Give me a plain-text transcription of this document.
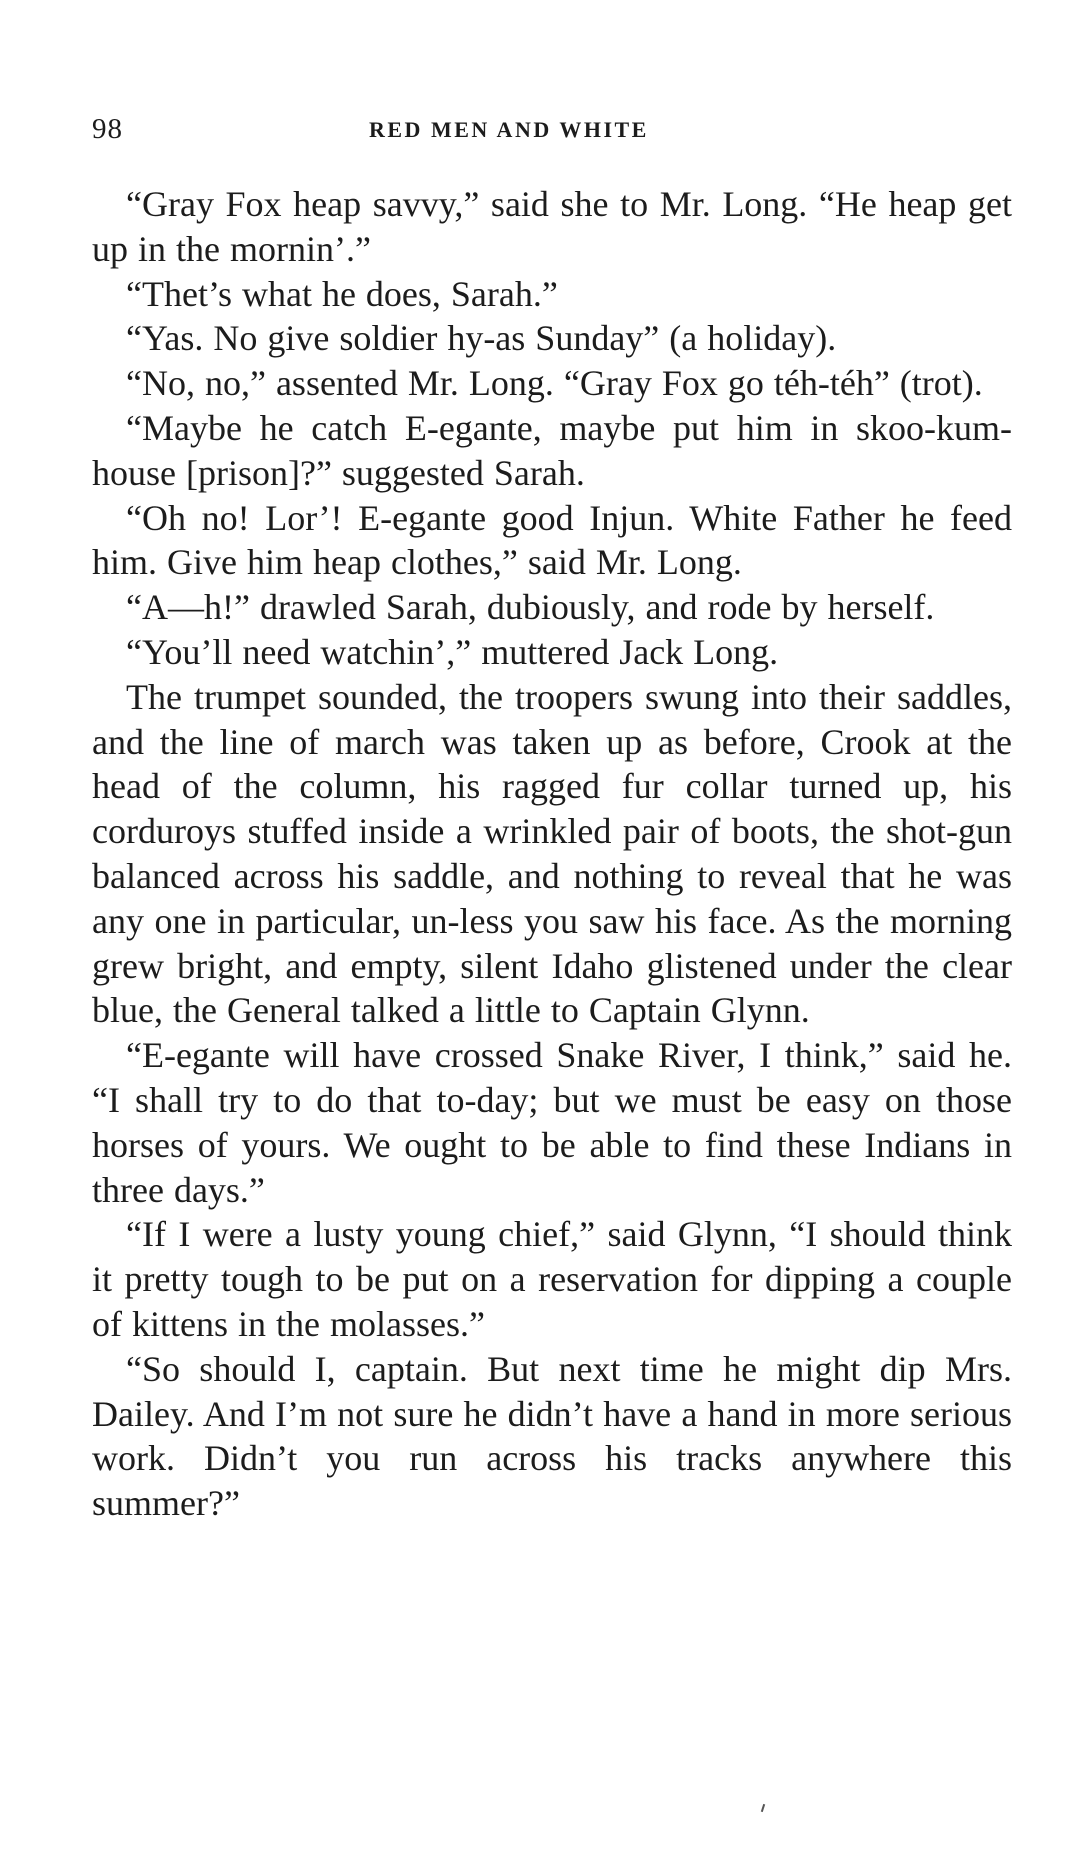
98	RED MEN AND WHITE

“Gray Fox heap savvy,” said she to Mr. Long. “He heap get up in the mornin’.”

“Thet’s what he does, Sarah.”

“Yas. No give soldier hy-as Sunday” (a holiday).

“No, no,” assented Mr. Long. “Gray Fox go téh-téh” (trot).

“Maybe he catch E-egante, maybe put him in skoo-kum-house [prison]?” suggested Sarah.

“Oh no! Lor’! E-egante good Injun. White Father he feed him. Give him heap clothes,” said Mr. Long.

“A—h!” drawled Sarah, dubiously, and rode by herself.

“You’ll need watchin’,” muttered Jack Long.

The trumpet sounded, the troopers swung into their saddles, and the line of march was taken up as before, Crook at the head of the column, his ragged fur collar turned up, his corduroys stuffed inside a wrinkled pair of boots, the shot-gun balanced across his saddle, and nothing to reveal that he was any one in particular, un-less you saw his face. As the morning grew bright, and empty, silent Idaho glistened under the clear blue, the General talked a little to Captain Glynn.

“E-egante will have crossed Snake River, I think,” said he. “I shall try to do that to-day; but we must be easy on those horses of yours. We ought to be able to find these Indians in three days.”

“If I were a lusty young chief,” said Glynn, “I should think it pretty tough to be put on a reservation for dipping a couple of kittens in the molasses.”

“So should I, captain. But next time he might dip Mrs. Dailey. And I’m not sure he didn’t have a hand in more serious work. Didn’t you run across his tracks anywhere this summer?”
